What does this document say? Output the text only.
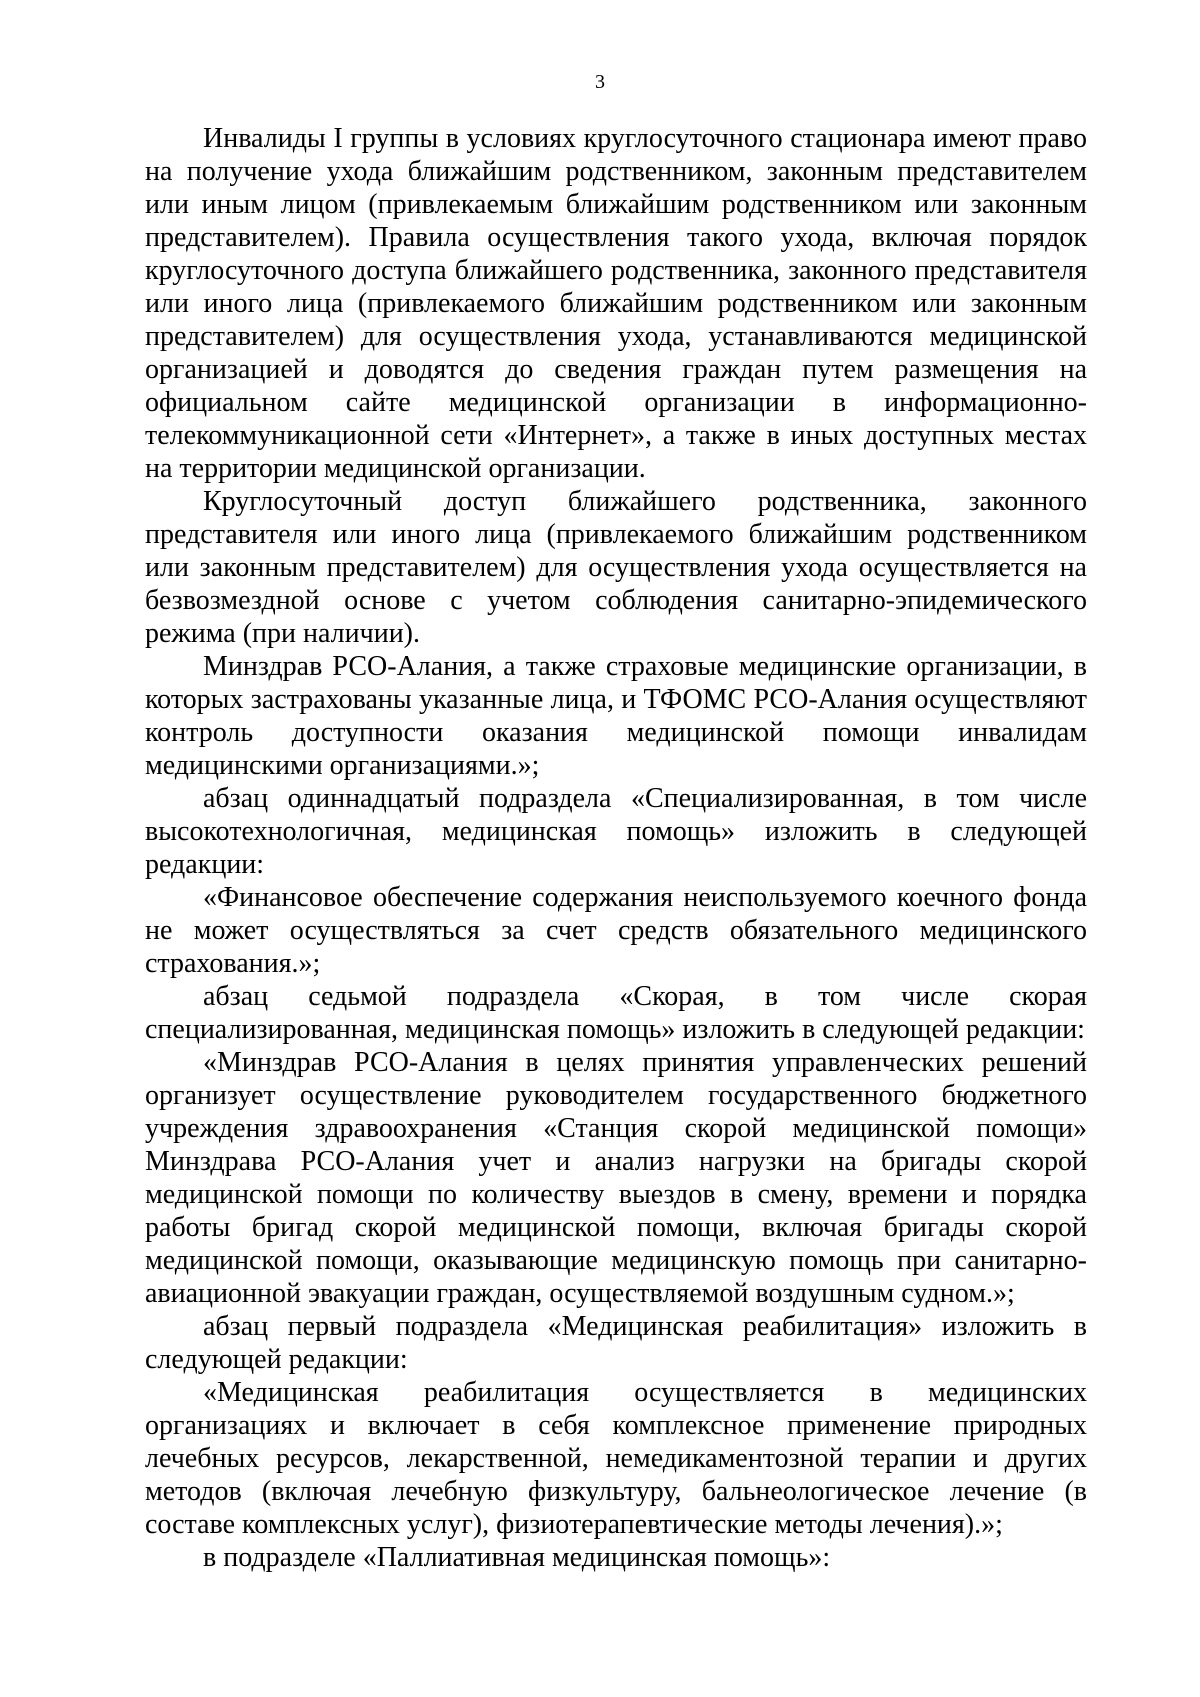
3

Инвалиды I группы в условиях круглосуточного стационара имеют право на получение ухода ближайшим родственником, законным представителем или иным лицом (привлекаемым ближайшим родственником или законным представителем). Правила осуществления такого ухода, включая порядок круглосуточного доступа ближайшего родственника, законного представителя или иного лица (привлекаемого ближайшим родственником или законным представителем) для осуществления ухода, устанавливаются медицинской организацией и доводятся до сведения граждан путем размещения на официальном сайте медицинской организации в информационно-телекоммуникационной сети «Интернет», а также в иных доступных местах на территории медицинской организации.

Круглосуточный доступ ближайшего родственника, законного представителя или иного лица (привлекаемого ближайшим родственником или законным представителем) для осуществления ухода осуществляется на безвозмездной основе с учетом соблюдения санитарно-эпидемического режима (при наличии).

Минздрав РСО-Алания, а также страховые медицинские организации, в которых застрахованы указанные лица, и ТФОМС РСО-Алания осуществляют контроль доступности оказания медицинской помощи инвалидам медицинскими организациями.»;

абзац одиннадцатый подраздела «Специализированная, в том числе высокотехнологичная, медицинская помощь» изложить в следующей редакции:

«Финансовое обеспечение содержания неиспользуемого коечного фонда не может осуществляться за счет средств обязательного медицинского страхования.»;

абзац седьмой подраздела «Скорая, в том числе скорая специализированная, медицинская помощь» изложить в следующей редакции:

«Минздрав РСО-Алания в целях принятия управленческих решений организует осуществление руководителем государственного бюджетного учреждения здравоохранения «Станция скорой медицинской помощи» Минздрава РСО-Алания учет и анализ нагрузки на бригады скорой медицинской помощи по количеству выездов в смену, времени и порядка работы бригад скорой медицинской помощи, включая бригады скорой медицинской помощи, оказывающие медицинскую помощь при санитарно-авиационной эвакуации граждан, осуществляемой воздушным судном.»;

абзац первый подраздела «Медицинская реабилитация» изложить в следующей редакции:

«Медицинская реабилитация осуществляется в медицинских организациях и включает в себя комплексное применение природных лечебных ресурсов, лекарственной, немедикаментозной терапии и других методов (включая лечебную физкультуру, бальнеологическое лечение (в составе комплексных услуг), физиотерапевтические методы лечения).»;

в подразделе «Паллиативная медицинская помощь»:
